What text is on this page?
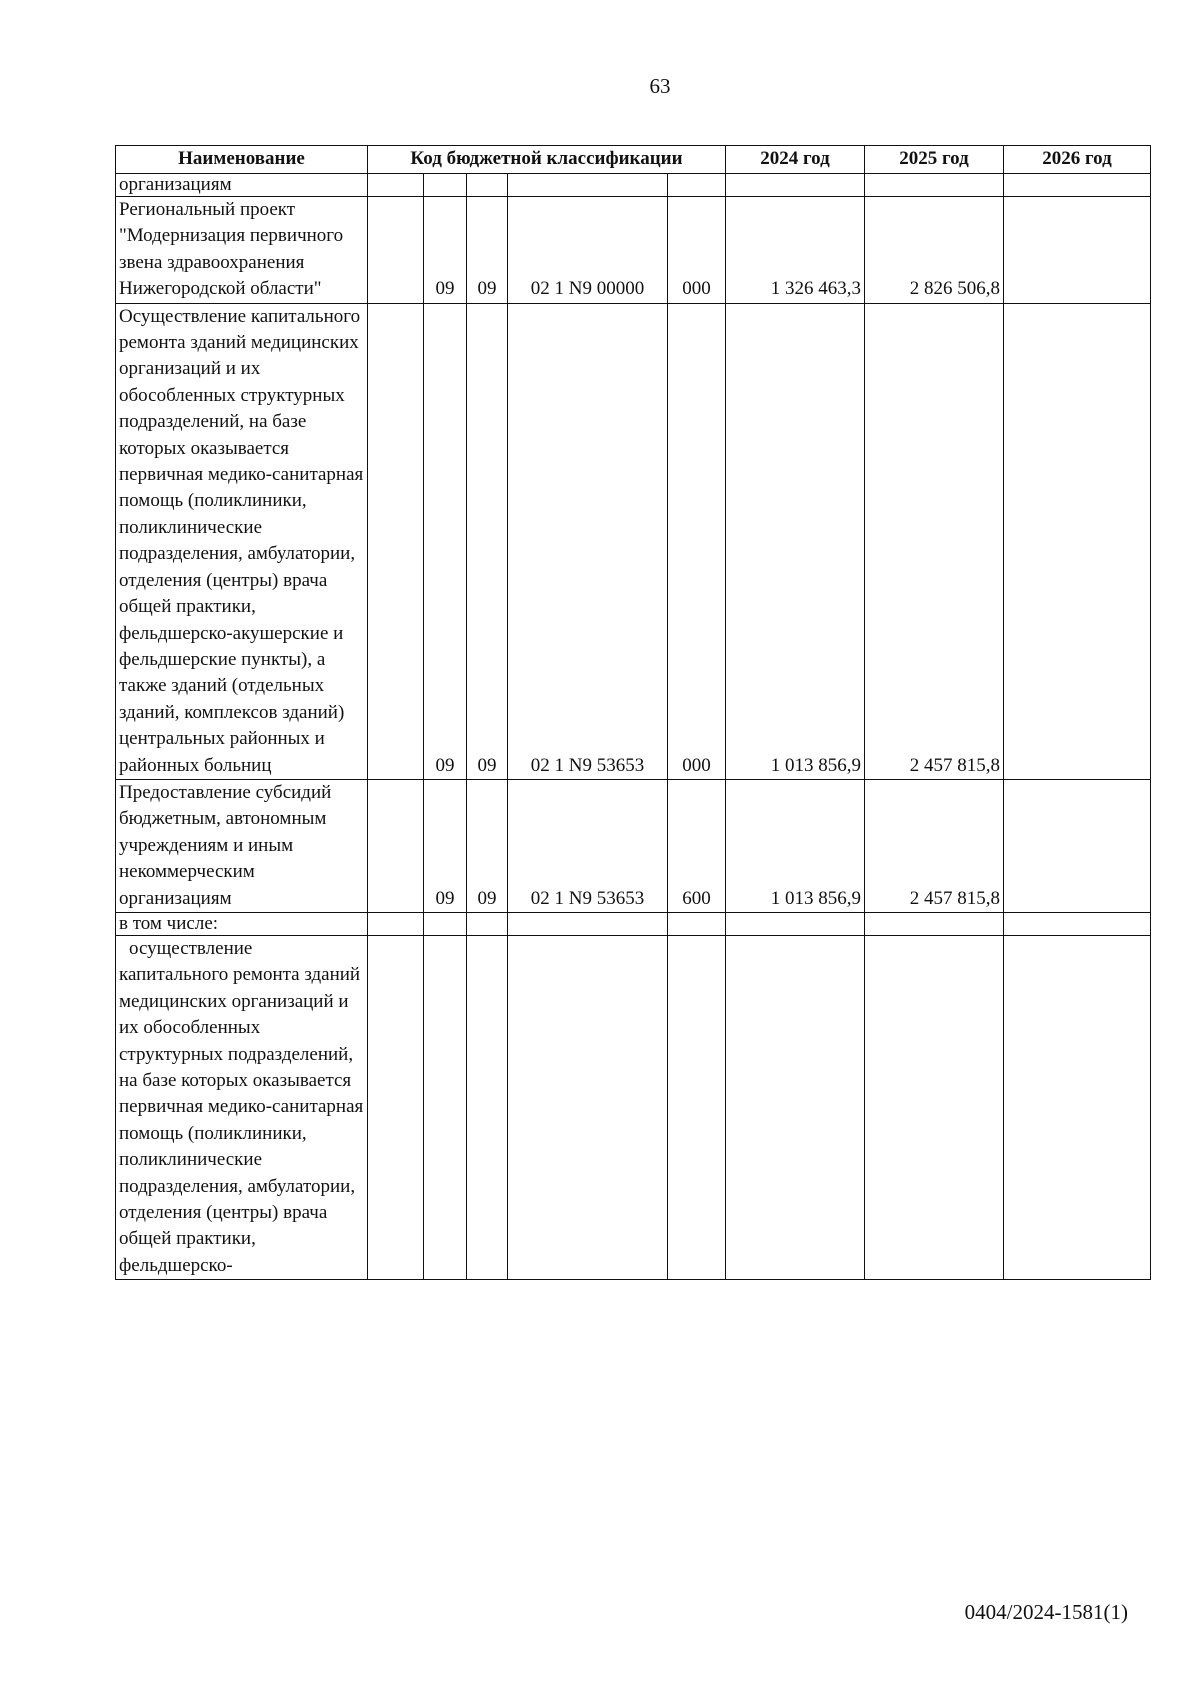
63
Наименование	Код бюджетной классификации					2024 год	2025 год	2026 год
организациям								
Региональный проект "Модернизация первичного звена здравоохранения Нижегородской области"		09	09	02 1 N9 00000	000	1 326 463,3	2 826 506,8	
Осуществление капитального ремонта зданий медицинских организаций и их обособленных структурных подразделений, на базе которых оказывается первичная медико-санитарная помощь (поликлиники, поликлинические подразделения, амбулатории, отделения (центры) врача общей практики, фельдшерско-акушерские и фельдшерские пункты), а также зданий (отдельных зданий, комплексов зданий) центральных районных и районных больниц		09	09	02 1 N9 53653	000	1 013 856,9	2 457 815,8	
Предоставление субсидий бюджетным, автономным учреждениям и иным некоммерческим организациям		09	09	02 1 N9 53653	600	1 013 856,9	2 457 815,8	
в том числе:								
осуществление капитального ремонта зданий медицинских организаций и их обособленных структурных подразделений, на базе которых оказывается первичная медико-санитарная помощь (поликлиники, поликлинические подразделения, амбулатории, отделения (центры) врача общей практики, фельдшерско-								
0404/2024-1581(1)
